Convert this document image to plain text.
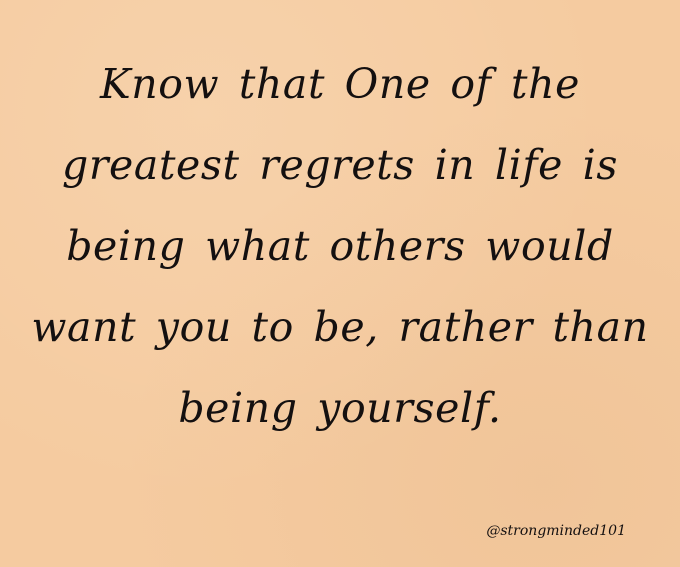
Know that One of the
greatest regrets in life is
being what others would
want you to be, rather than
being yourself.

@strongminded101
